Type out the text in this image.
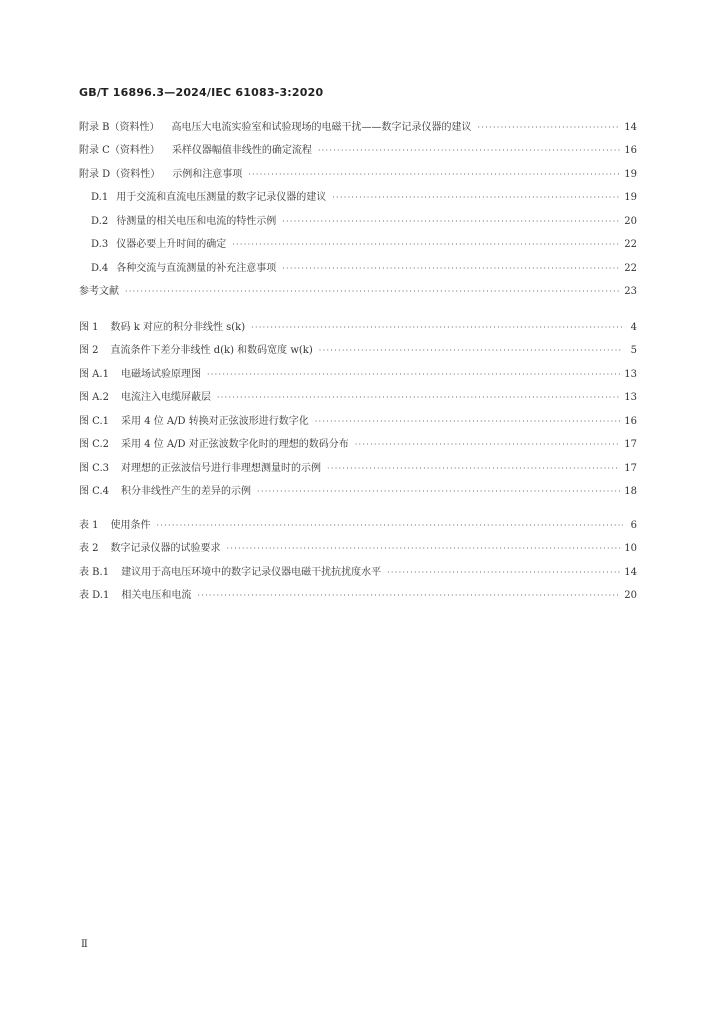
GB/T 16896.3—2024/IEC 61083-3:2020
附录 B（资料性） 高电压大电流实验室和试验现场的电磁干扰——数字记录仪器的建议 ·····	14
附录 C（资料性） 采样仪器幅值非线性的确定流程 ·····	16
附录 D（资料性） 示例和注意事项 ·····	19
D.1 用于交流和直流电压测量的数字记录仪器的建议 ·····	19
D.2 待测量的相关电压和电流的特性示例 ·····	20
D.3 仪器必要上升时间的确定 ·····	22
D.4 各种交流与直流测量的补充注意事项 ·····	22
参考文献 ·····	23
图 1 数码 k 对应的积分非线性 s(k) ·····	4
图 2 直流条件下差分非线性 d(k) 和数码宽度 w(k) ·····	5
图 A.1 电磁场试验原理图 ·····	13
图 A.2 电流注入电缆屏蔽层 ·····	13
图 C.1 采用 4 位 A/D 转换对正弦波形进行数字化 ·····	16
图 C.2 采用 4 位 A/D 对正弦波数字化时的理想的数码分布 ·····	17
图 C.3 对理想的正弦波信号进行非理想测量时的示例 ·····	17
图 C.4 积分非线性产生的差异的示例 ·····	18
表 1 使用条件 ·····	6
表 2 数字记录仪器的试验要求 ·····	10
表 B.1 建议用于高电压环境中的数字记录仪器电磁干扰抗扰度水平 ·····	14
表 D.1 相关电压和电流 ·····	20
Ⅱ
